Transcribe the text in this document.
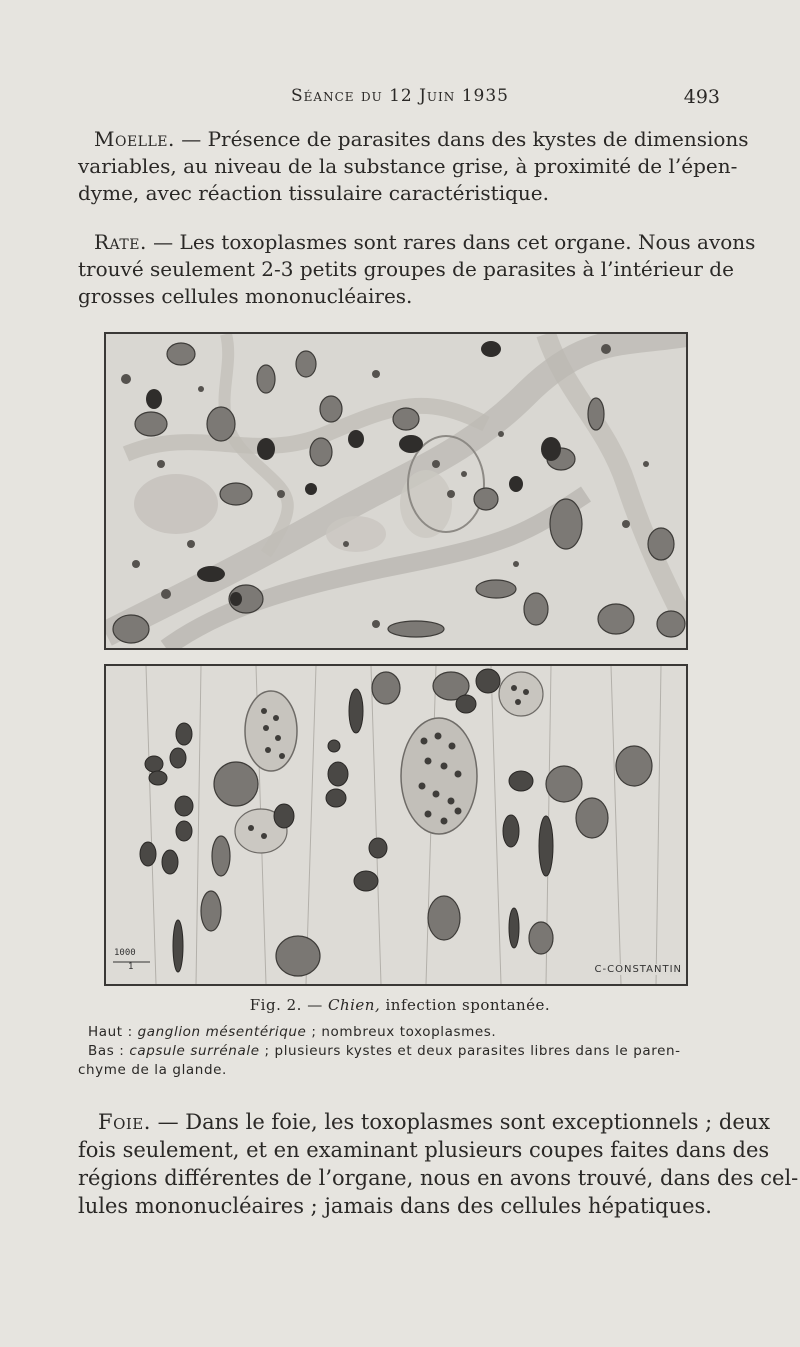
Séance du 12 Juin 1935	493
Moelle. — Présence de parasites dans des kystes de dimensions
variables, au niveau de la substance grise, à proximité de l’épen-
dyme, avec réaction tissulaire caractéristique.
Rate. — Les toxoplasmes sont rares dans cet organe. Nous avons
trouvé seulement 2-3 petits groupes de parasites à l’intérieur de
grosses cellules mononucléaires.
1000
1	C-CONSTANTIN
Fig. 2. — Chien, infection spontanée.
Haut : ganglion mésentérique ; nombreux toxoplasmes.
Bas : capsule surrénale ; plusieurs kystes et deux parasites libres dans le paren-
chyme de la glande.
Foie. — Dans le foie, les toxoplasmes sont exceptionnels ; deux
fois seulement, et en examinant plusieurs coupes faites dans des
régions différentes de l’organe, nous en avons trouvé, dans des cel-
lules mononucléaires ; jamais dans des cellules hépatiques.
